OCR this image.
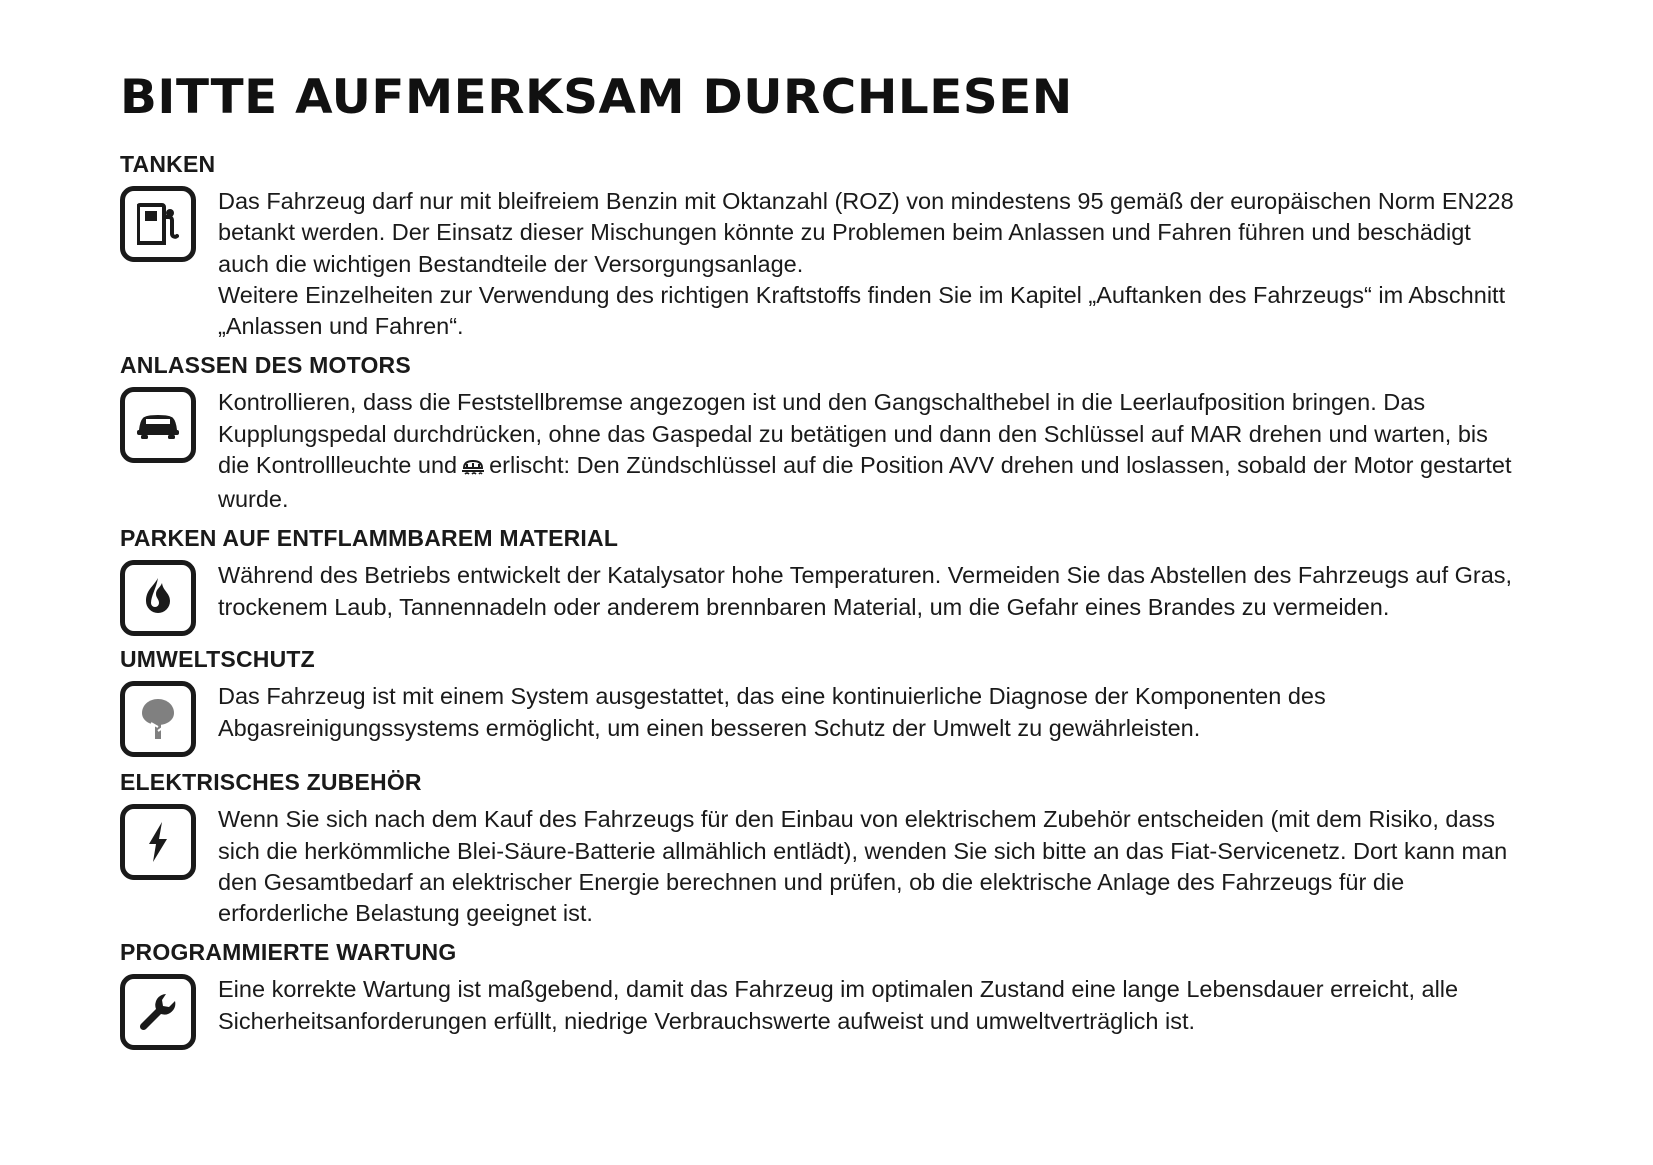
BITTE AUFMERKSAM DURCHLESEN
TANKEN

Das Fahrzeug darf nur mit bleifreiem Benzin mit Oktanzahl (ROZ) von mindestens 95 gemäß der europäischen Norm EN228 betankt werden. Der Einsatz dieser Mischungen könnte zu Problemen beim Anlassen und Fahren führen und beschädigt auch die wichtigen Bestandteile der Versorgungsanlage.

Weitere Einzelheiten zur Verwendung des richtigen Kraftstoffs finden Sie im Kapitel „Auftanken des Fahrzeugs“ im Abschnitt „Anlassen und Fahren“.

ANLASSEN DES MOTORS

Kontrollieren, dass die Feststellbremse angezogen ist und den Gangschalthebel in die Leerlaufposition bringen. Das Kupplungspedal durchdrücken, ohne das Gaspedal zu betätigen und dann den Schlüssel auf MAR drehen und warten, bis die Kontrollleuchte und erlischt: Den Zündschlüssel auf die Position AVV drehen und loslassen, sobald der Motor gestartet wurde.

PARKEN AUF ENTFLAMMBAREM MATERIAL

Während des Betriebs entwickelt der Katalysator hohe Temperaturen. Vermeiden Sie das Abstellen des Fahrzeugs auf Gras, trockenem Laub, Tannennadeln oder anderem brennbaren Material, um die Gefahr eines Brandes zu vermeiden.

UMWELTSCHUTZ

Das Fahrzeug ist mit einem System ausgestattet, das eine kontinuierliche Diagnose der Komponenten des Abgasreinigungssystems ermöglicht, um einen besseren Schutz der Umwelt zu gewährleisten.

ELEKTRISCHES ZUBEHÖR

Wenn Sie sich nach dem Kauf des Fahrzeugs für den Einbau von elektrischem Zubehör entscheiden (mit dem Risiko, dass sich die herkömmliche Blei-Säure-Batterie allmählich entlädt), wenden Sie sich bitte an das Fiat-Servicenetz. Dort kann man den Gesamtbedarf an elektrischer Energie berechnen und prüfen, ob die elektrische Anlage des Fahrzeugs für die erforderliche Belastung geeignet ist.

PROGRAMMIERTE WARTUNG

Eine korrekte Wartung ist maßgebend, damit das Fahrzeug im optimalen Zustand eine lange Lebensdauer erreicht, alle Sicherheitsanforderungen erfüllt, niedrige Verbrauchswerte aufweist und umweltverträglich ist.
